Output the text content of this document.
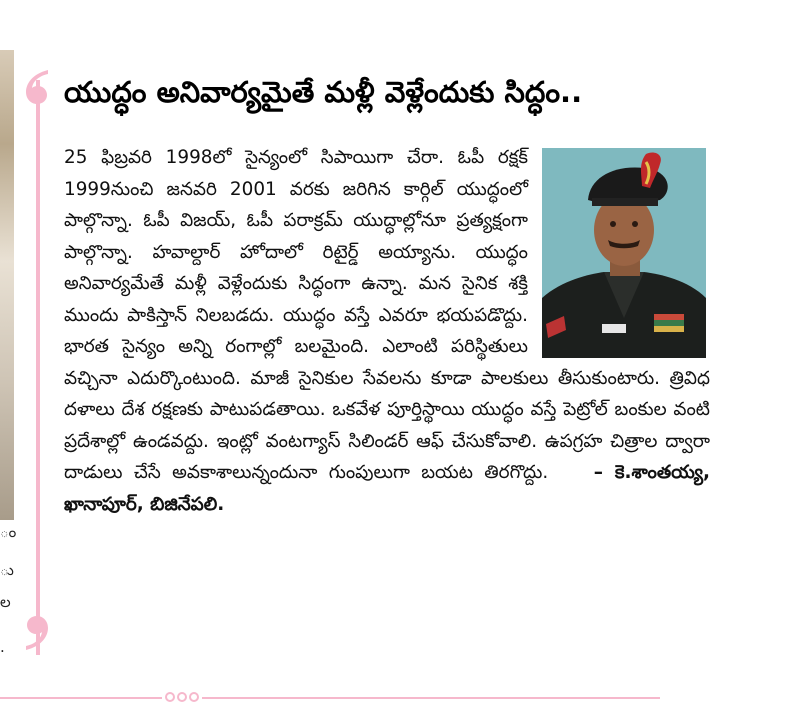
ం
ు
ల
.
యుద్ధం అనివార్యమైతే మళ్లీ వెళ్లేందుకు సిద్ధం..
25 ఫిబ్రవరి 1998లో సైన్యంలో సిపాయిగా చేరా. ఓపీ రక్షక్ 1999నుంచి జనవరి 2001 వరకు జరిగిన కార్గిల్ యుద్ధంలో పాల్గొన్నా. ఓపీ విజయ్, ఓపీ పరాక్రమ్ యుద్ధాల్లోనూ ప్రత్యక్షంగా పాల్గొన్నా. హవాల్దార్ హోదాలో రిటైర్డ్ అయ్యాను. యుద్ధం అనివార్యమేతే మళ్లీ వెళ్లేందుకు సిద్ధంగా ఉన్నా. మన సైనిక శక్తి ముందు పాకిస్తాన్ నిలబడదు. యుద్ధం వస్తే ఎవరూ భయపడొద్దు. భారత సైన్యం అన్ని రంగాల్లో బలమైంది. ఎలాంటి పరిస్థితులు వచ్చినా ఎదుర్కొంటుంది. మాజీ సైనికుల సేవలను కూడా పాలకులు తీసుకుంటారు. త్రివిధ దళాలు దేశ రక్షణకు పాటుపడతాయి. ఒకవేళ పూర్తిస్థాయి యుద్ధం వస్తే పెట్రోల్ బంకుల వంటి ప్రదేశాల్లో ఉండవద్దు. ఇంట్లో వంటగ్యాస్ సిలిండర్ ఆఫ్ చేసుకోవాలి. ఉపగ్రహ చిత్రాల ద్వారా దాడులు చేసే అవకాశాలున్నందునా గుంపులుగా బయట తిరగొద్దు. – కె.శాంతయ్య, ఖానాపూర్, బిజినేపలి.
